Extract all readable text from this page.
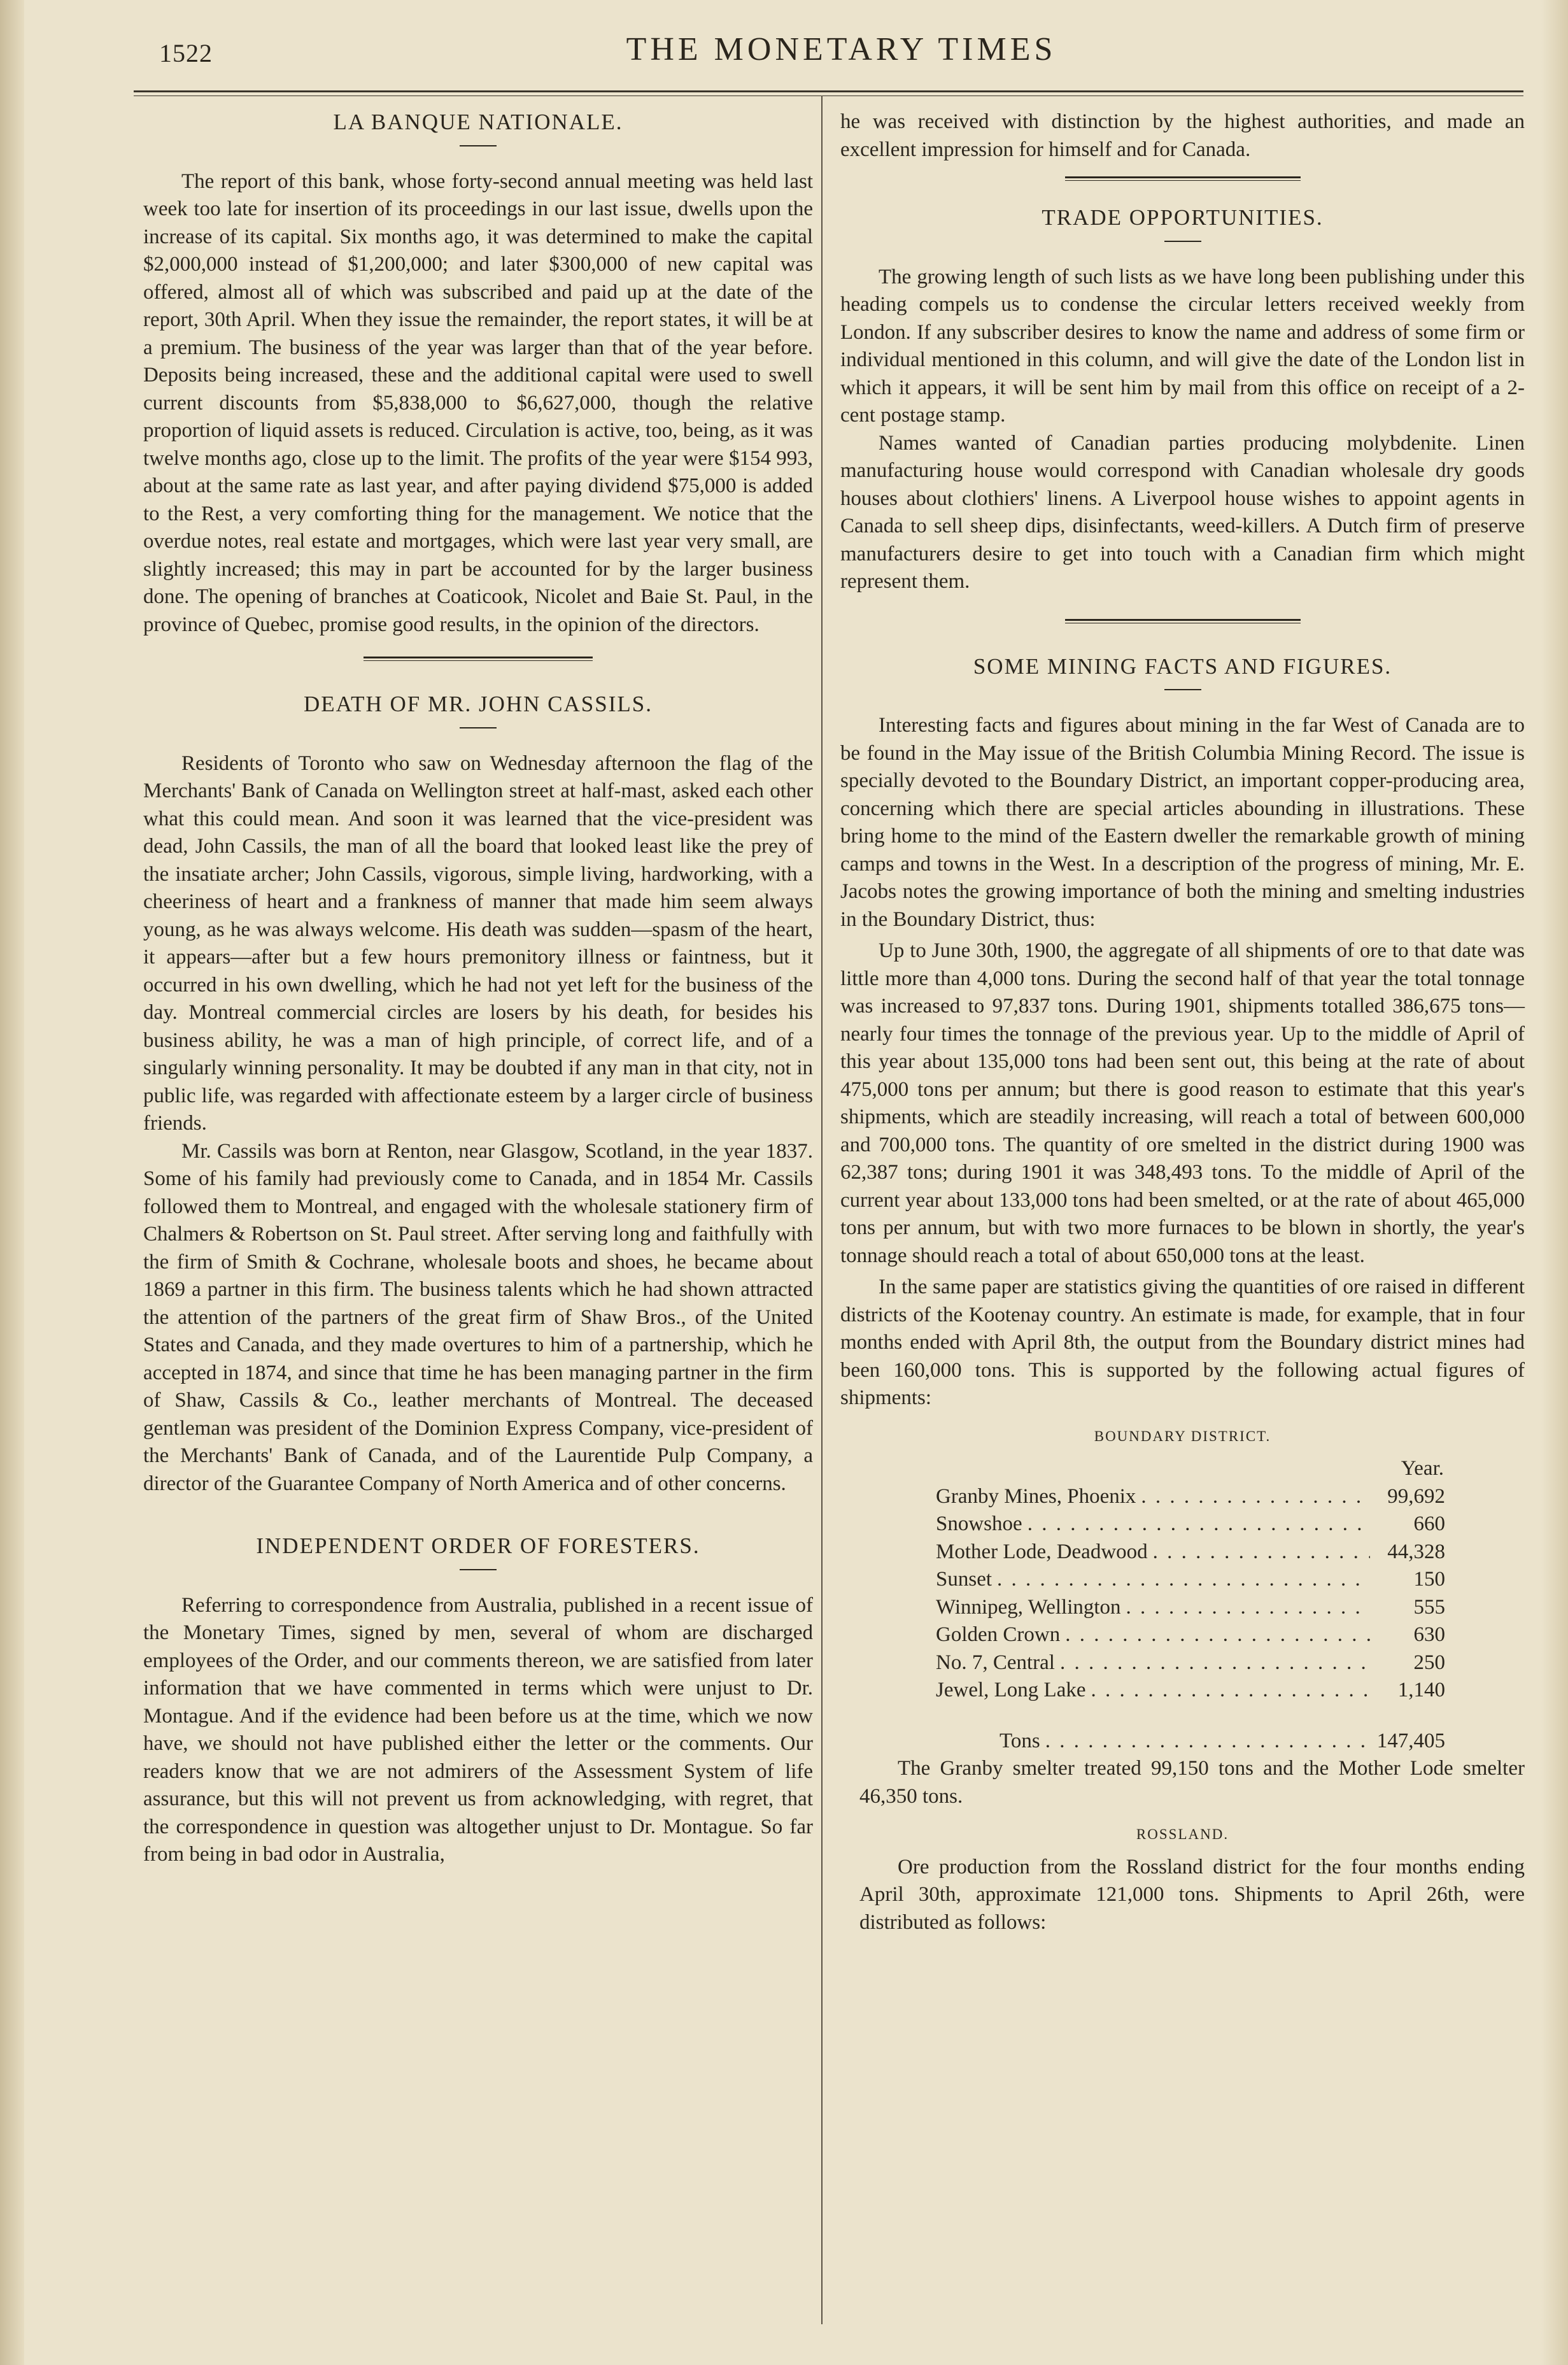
1522	THE MONETARY TIMES
LA BANQUE NATIONALE.

The report of this bank, whose forty-second annual meeting was held last week too late for insertion of its proceedings in our last issue, dwells upon the increase of its capital. Six months ago, it was determined to make the capital $2,000,000 instead of $1,200,000; and later $300,000 of new capital was offered, almost all of which was subscribed and paid up at the date of the report, 30th April. When they issue the remainder, the report states, it will be at a premium. The business of the year was larger than that of the year before. Deposits being increased, these and the additional capital were used to swell current discounts from $5,838,000 to $6,627,000, though the relative proportion of liquid assets is reduced. Circulation is active, too, being, as it was twelve months ago, close up to the limit. The profits of the year were $154 993, about at the same rate as last year, and after paying dividend $75,000 is added to the Rest, a very comforting thing for the management. We notice that the overdue notes, real estate and mortgages, which were last year very small, are slightly increased; this may in part be accounted for by the larger business done. The opening of branches at Coaticook, Nicolet and Baie St. Paul, in the province of Quebec, promise good results, in the opinion of the directors.

DEATH OF MR. JOHN CASSILS.

Residents of Toronto who saw on Wednesday afternoon the flag of the Merchants' Bank of Canada on Wellington street at half-mast, asked each other what this could mean. And soon it was learned that the vice-president was dead, John Cassils, the man of all the board that looked least like the prey of the insatiate archer; John Cassils, vigorous, simple living, hardworking, with a cheeriness of heart and a frankness of manner that made him seem always young, as he was always welcome. His death was sudden—spasm of the heart, it appears—after but a few hours premonitory illness or faintness, but it occurred in his own dwelling, which he had not yet left for the business of the day. Montreal commercial circles are losers by his death, for besides his business ability, he was a man of high principle, of correct life, and of a singularly winning personality. It may be doubted if any man in that city, not in public life, was regarded with affectionate esteem by a larger circle of business friends.

Mr. Cassils was born at Renton, near Glasgow, Scotland, in the year 1837. Some of his family had previously come to Canada, and in 1854 Mr. Cassils followed them to Montreal, and engaged with the wholesale stationery firm of Chalmers & Robertson on St. Paul street. After serving long and faithfully with the firm of Smith & Cochrane, wholesale boots and shoes, he became about 1869 a partner in this firm. The business talents which he had shown attracted the attention of the partners of the great firm of Shaw Bros., of the United States and Canada, and they made overtures to him of a partnership, which he accepted in 1874, and since that time he has been managing partner in the firm of Shaw, Cassils & Co., leather merchants of Montreal. The deceased gentleman was president of the Dominion Express Company, vice-president of the Merchants' Bank of Canada, and of the Laurentide Pulp Company, a director of the Guarantee Company of North America and of other concerns.

INDEPENDENT ORDER OF FORESTERS.

Referring to correspondence from Australia, published in a recent issue of the Monetary Times, signed by men, several of whom are discharged employees of the Order, and our comments thereon, we are satisfied from later information that we have commented in terms which were unjust to Dr. Montague. And if the evidence had been before us at the time, which we now have, we should not have published either the letter or the comments. Our readers know that we are not admirers of the Assessment System of life assurance, but this will not prevent us from acknowledging, with regret, that the correspondence in question was altogether unjust to Dr. Montague. So far from being in bad odor in Australia,

he was received with distinction by the highest authorities, and made an excellent impression for himself and for Canada.

TRADE OPPORTUNITIES.

The growing length of such lists as we have long been publishing under this heading compels us to condense the circular letters received weekly from London. If any subscriber desires to know the name and address of some firm or individual mentioned in this column, and will give the date of the London list in which it appears, it will be sent him by mail from this office on receipt of a 2-cent postage stamp.

Names wanted of Canadian parties producing molybdenite. Linen manufacturing house would correspond with Canadian wholesale dry goods houses about clothiers' linens. A Liverpool house wishes to appoint agents in Canada to sell sheep dips, disinfectants, weed-killers. A Dutch firm of preserve manufacturers desire to get into touch with a Canadian firm which might represent them.

SOME MINING FACTS AND FIGURES.

Interesting facts and figures about mining in the far West of Canada are to be found in the May issue of the British Columbia Mining Record. The issue is specially devoted to the Boundary District, an important copper-producing area, concerning which there are special articles abounding in illustrations. These bring home to the mind of the Eastern dweller the remarkable growth of mining camps and towns in the West. In a description of the progress of mining, Mr. E. Jacobs notes the growing importance of both the mining and smelting industries in the Boundary District, thus:

Up to June 30th, 1900, the aggregate of all shipments of ore to that date was little more than 4,000 tons. During the second half of that year the total tonnage was increased to 97,837 tons. During 1901, shipments totalled 386,675 tons—nearly four times the tonnage of the previous year. Up to the middle of April of this year about 135,000 tons had been sent out, this being at the rate of about 475,000 tons per annum; but there is good reason to estimate that this year's shipments, which are steadily increasing, will reach a total of between 600,000 and 700,000 tons. The quantity of ore smelted in the district during 1900 was 62,387 tons; during 1901 it was 348,493 tons. To the middle of April of the current year about 133,000 tons had been smelted, or at the rate of about 465,000 tons per annum, but with two more furnaces to be blown in shortly, the year's tonnage should reach a total of about 650,000 tons at the least.

In the same paper are statistics giving the quantities of ore raised in different districts of the Kootenay country. An estimate is made, for example, that in four months ended with April 8th, the output from the Boundary district mines had been 160,000 tons. This is supported by the following actual figures of shipments:

BOUNDARY DISTRICT.
Year.
Granby Mines, Phoenix . . .	99,692
Snowshoe . . .	660
Mother Lode, Deadwood . . .	44,328
Sunset . . .	150
Winnipeg, Wellington . . .	555
Golden Crown . . .	630
No. 7, Central . . .	250
Jewel, Long Lake . . .	1,140
Tons . . .	147,405

The Granby smelter treated 99,150 tons and the Mother Lode smelter 46,350 tons.

ROSSLAND.

Ore production from the Rossland district for the four months ending April 30th, approximate 121,000 tons. Shipments to April 26th, were distributed as follows:
